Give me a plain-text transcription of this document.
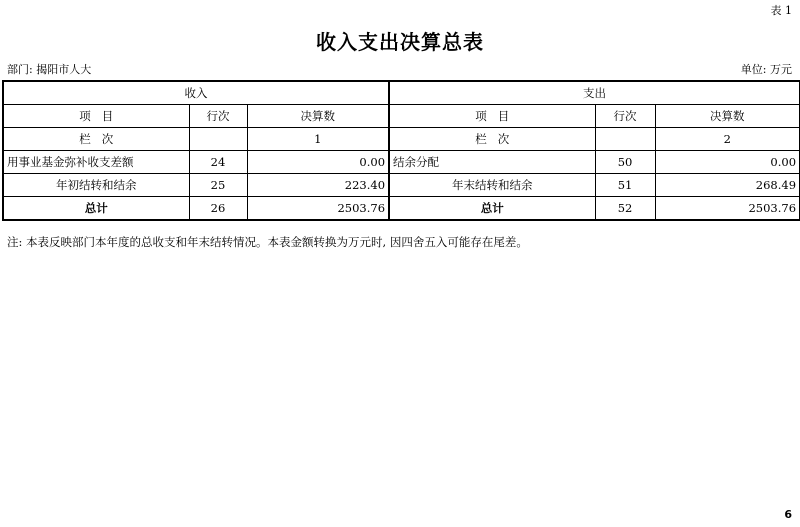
表 1
收入支出决算总表
部门: 揭阳市人大	单位: 万元
收入			支出		
项   目	行次	决算数	项   目	行次	决算数
栏   次		1	栏   次		2
用事业基金弥补收支差额	24	0.00	结余分配	50	0.00
年初结转和结余	25	223.40	年末结转和结余	51	268.49
总计	26	2503.76	总计	52	2503.76
注: 本表反映部门本年度的总收支和年末结转情况。本表金额转换为万元时, 因四舍五入可能存在尾差。
6
